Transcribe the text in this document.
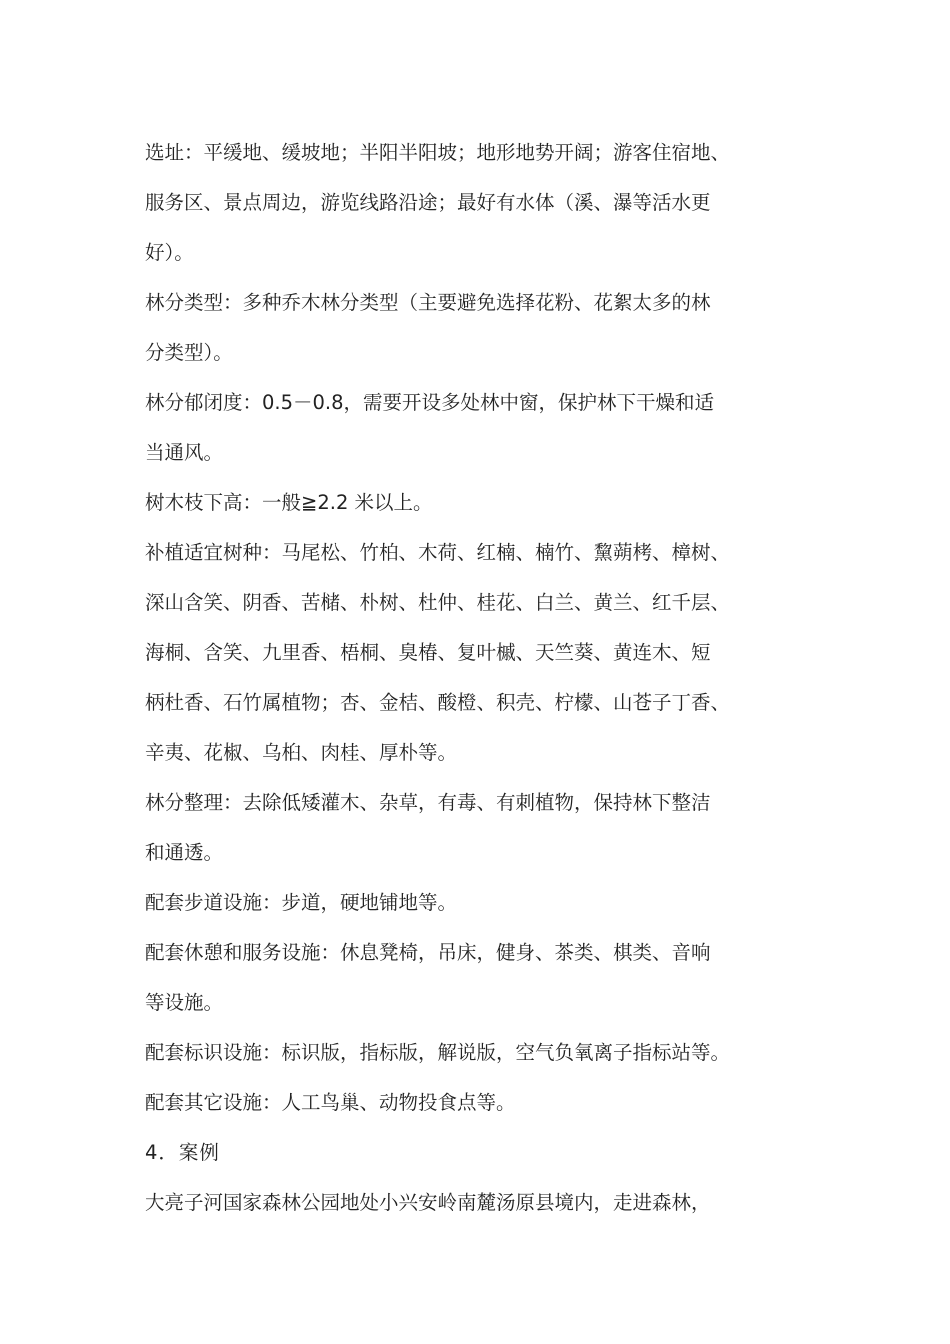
选址：平缓地、缓坡地；半阳半阳坡；地形地势开阔；游客住宿地、

服务区、景点周边，游览线路沿途；最好有水体（溪、瀑等活水更

好）。

林分类型：多种乔木林分类型（主要避免选择花粉、花絮太多的林

分类型）。

林分郁闭度：0.5－0.8，需要开设多处林中窗，保护林下干燥和适

当通风。

树木枝下高：一般≧2.2 米以上。

补植适宜树种：马尾松、竹柏、木荷、红楠、楠竹、黧蒴栲、樟树、

深山含笑、阴香、苦槠、朴树、杜仲、桂花、白兰、黄兰、红千层、

海桐、含笑、九里香、梧桐、臭椿、复叶槭、天竺葵、黄连木、短

柄杜香、石竹属植物；杏、金桔、酸橙、积壳、柠檬、山苍子丁香、

辛夷、花椒、乌桕、肉桂、厚朴等。

林分整理：去除低矮灌木、杂草，有毒、有刺植物，保持林下整洁

和通透。

配套步道设施：步道，硬地铺地等。

配套休憩和服务设施：休息凳椅，吊床，健身、茶类、棋类、音响

等设施。

配套标识设施：标识版，指标版，解说版，空气负氧离子指标站等。

配套其它设施：人工鸟巢、动物投食点等。

4．案例

大亮子河国家森林公园地处小兴安岭南麓汤原县境内，走进森林，
